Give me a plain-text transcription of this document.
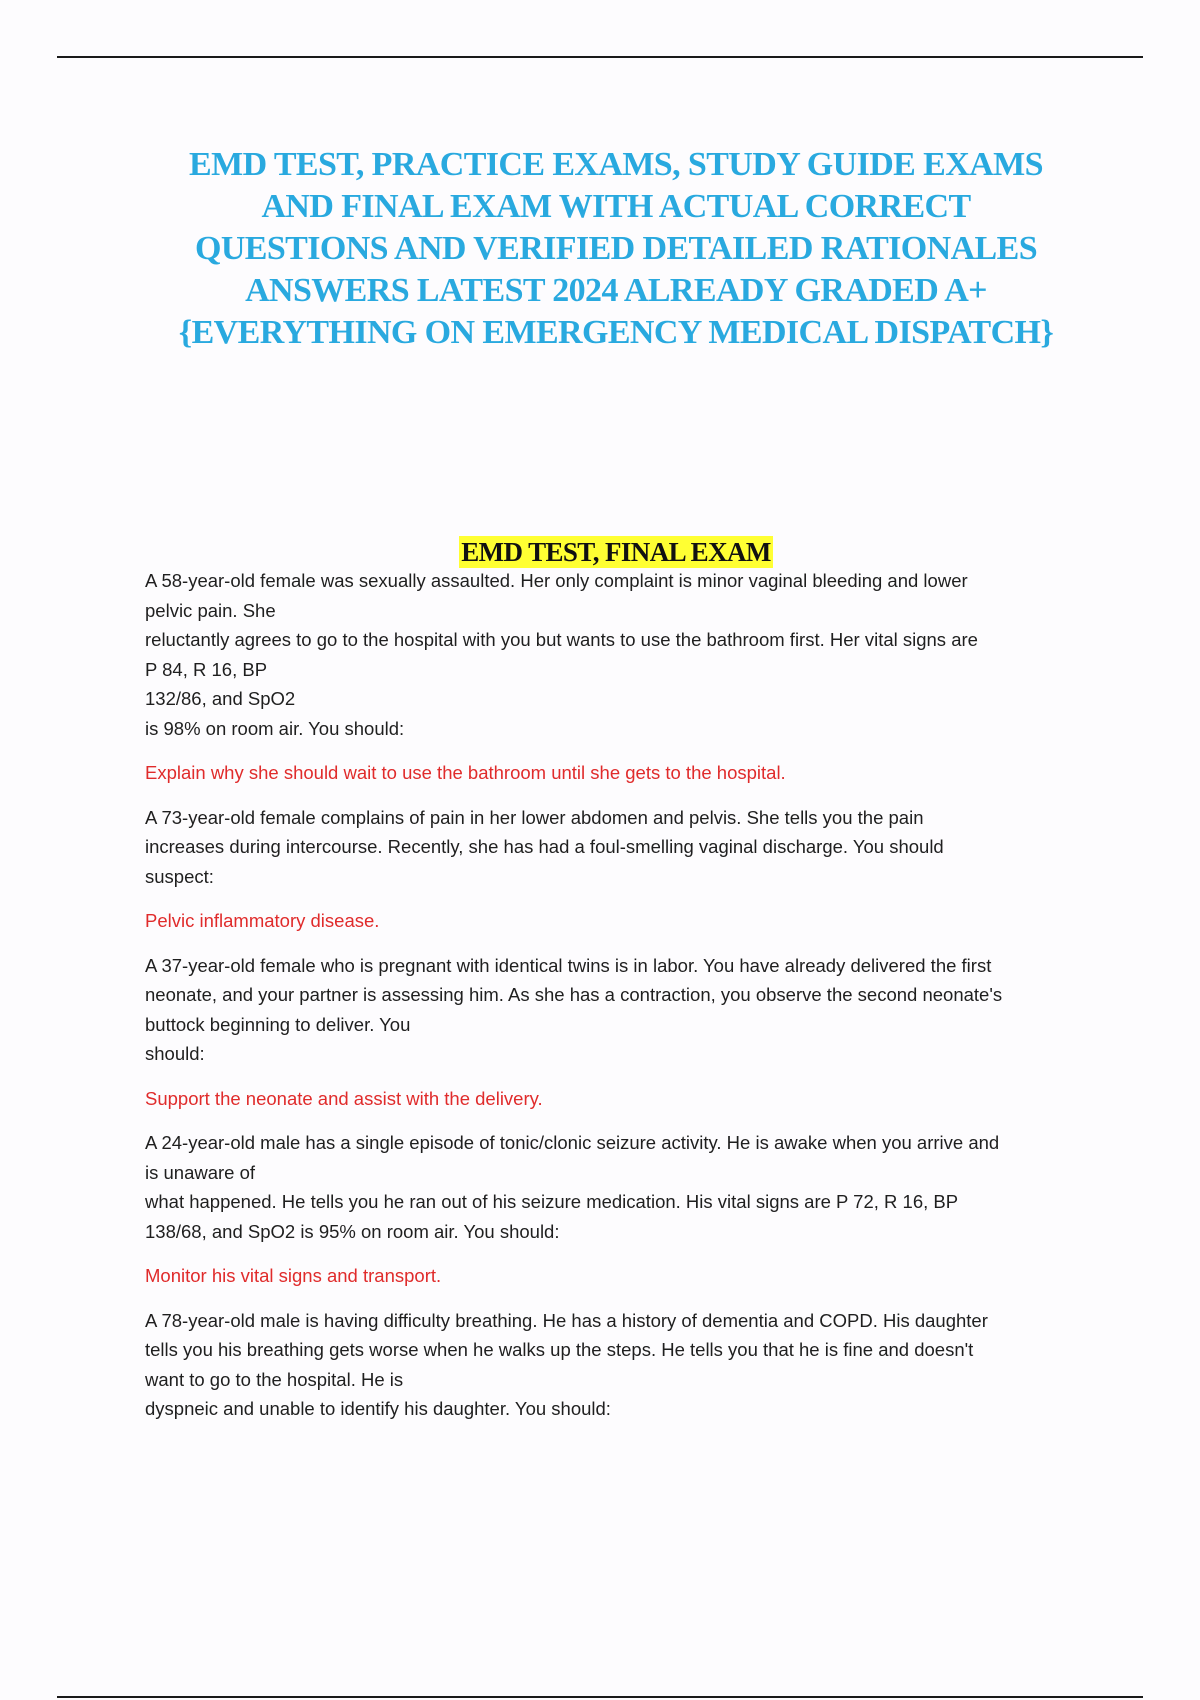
EMD TEST, PRACTICE EXAMS, STUDY GUIDE EXAMS
AND FINAL EXAM WITH ACTUAL CORRECT
QUESTIONS AND VERIFIED DETAILED RATIONALES
ANSWERS LATEST 2024 ALREADY GRADED A+
{EVERYTHING ON EMERGENCY MEDICAL DISPATCH}
EMD TEST, FINAL EXAM
A 58-year-old female was sexually assaulted. Her only complaint is minor vaginal bleeding and lower
pelvic pain. She
reluctantly agrees to go to the hospital with you but wants to use the bathroom first. Her vital signs are
P 84, R 16, BP
132/86, and SpO2
is 98% on room air. You should:
Explain why she should wait to use the bathroom until she gets to the hospital.
A 73-year-old female complains of pain in her lower abdomen and pelvis. She tells you the pain
increases during intercourse. Recently, she has had a foul-smelling vaginal discharge. You should
suspect:
Pelvic inflammatory disease.
A 37-year-old female who is pregnant with identical twins is in labor. You have already delivered the first
neonate, and your partner is assessing him. As she has a contraction, you observe the second neonate's
buttock beginning to deliver. You
should:
Support the neonate and assist with the delivery.
A 24-year-old male has a single episode of tonic/clonic seizure activity. He is awake when you arrive and
is unaware of
what happened. He tells you he ran out of his seizure medication. His vital signs are P 72, R 16, BP
138/68, and SpO2 is 95% on room air. You should:
Monitor his vital signs and transport.
A 78-year-old male is having difficulty breathing. He has a history of dementia and COPD. His daughter
tells you his breathing gets worse when he walks up the steps. He tells you that he is fine and doesn't
want to go to the hospital. He is
dyspneic and unable to identify his daughter. You should:
